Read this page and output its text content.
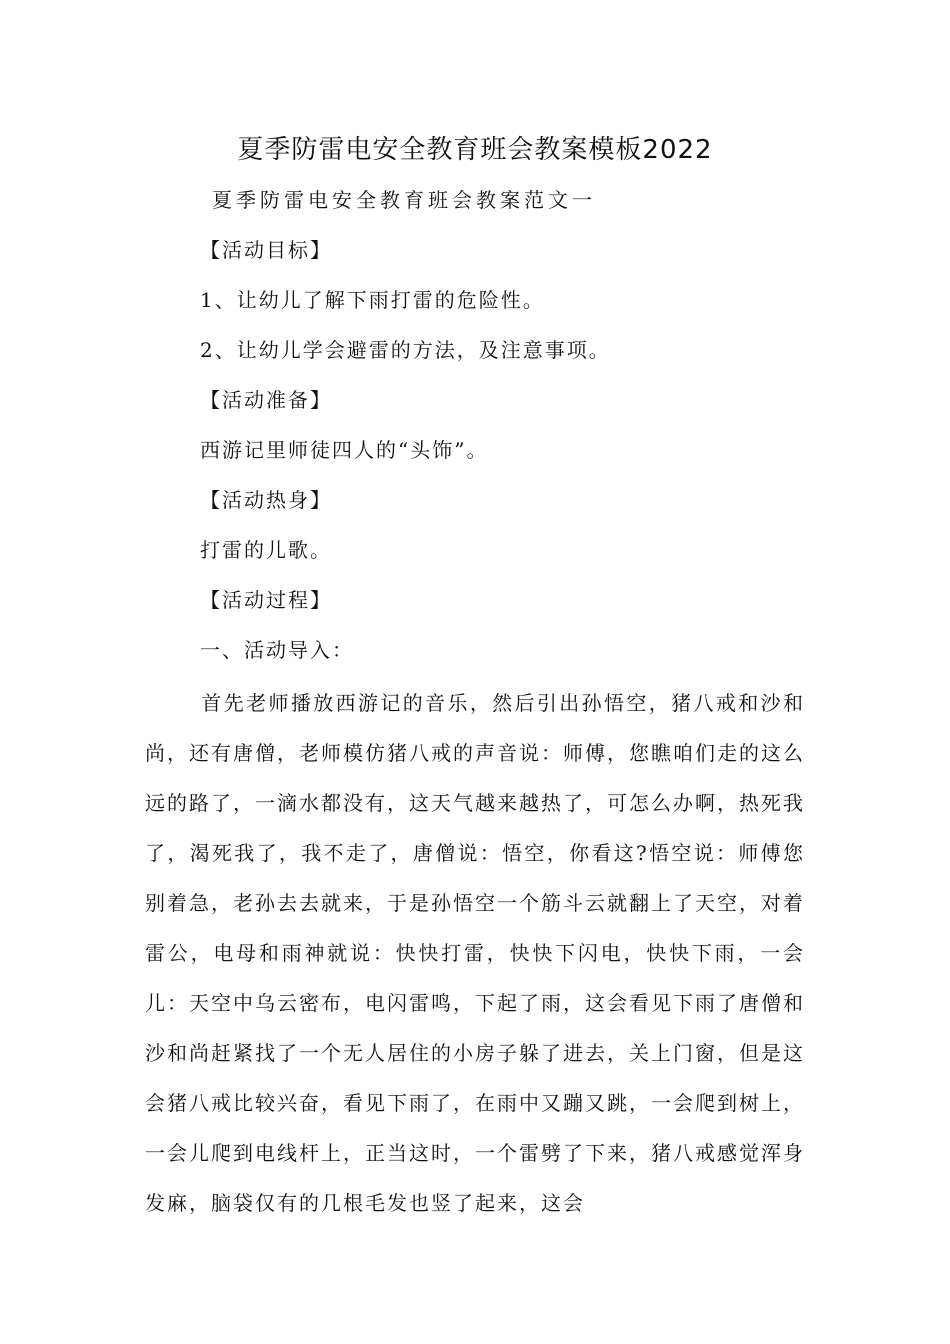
夏季防雷电安全教育班会教案模板2022
夏季防雷电安全教育班会教案范文一
【活动目标】
1、让幼儿了解下雨打雷的危险性。
2、让幼儿学会避雷的方法，及注意事项。
【活动准备】
西游记里师徒四人的“头饰”。
【活动热身】
打雷的儿歌。
【活动过程】
一、活动导入：
首先老师播放西游记的音乐，然后引出孙悟空，猪八戒和沙和尚，还有唐僧，老师模仿猪八戒的声音说：师傅，您瞧咱们走的这么远的路了，一滴水都没有，这天气越来越热了，可怎么办啊，热死我了，渴死我了，我不走了，唐僧说：悟空，你看这?悟空说：师傅您别着急，老孙去去就来，于是孙悟空一个筋斗云就翻上了天空，对着雷公，电母和雨神就说：快快打雷，快快下闪电，快快下雨，一会儿：天空中乌云密布，电闪雷鸣，下起了雨，这会看见下雨了唐僧和沙和尚赶紧找了一个无人居住的小房子躲了进去，关上门窗，但是这会猪八戒比较兴奋，看见下雨了，在雨中又蹦又跳，一会爬到树上，一会儿爬到电线杆上，正当这时，一个雷劈了下来，猪八戒感觉浑身发麻，脑袋仅有的几根毛发也竖了起来，这会
